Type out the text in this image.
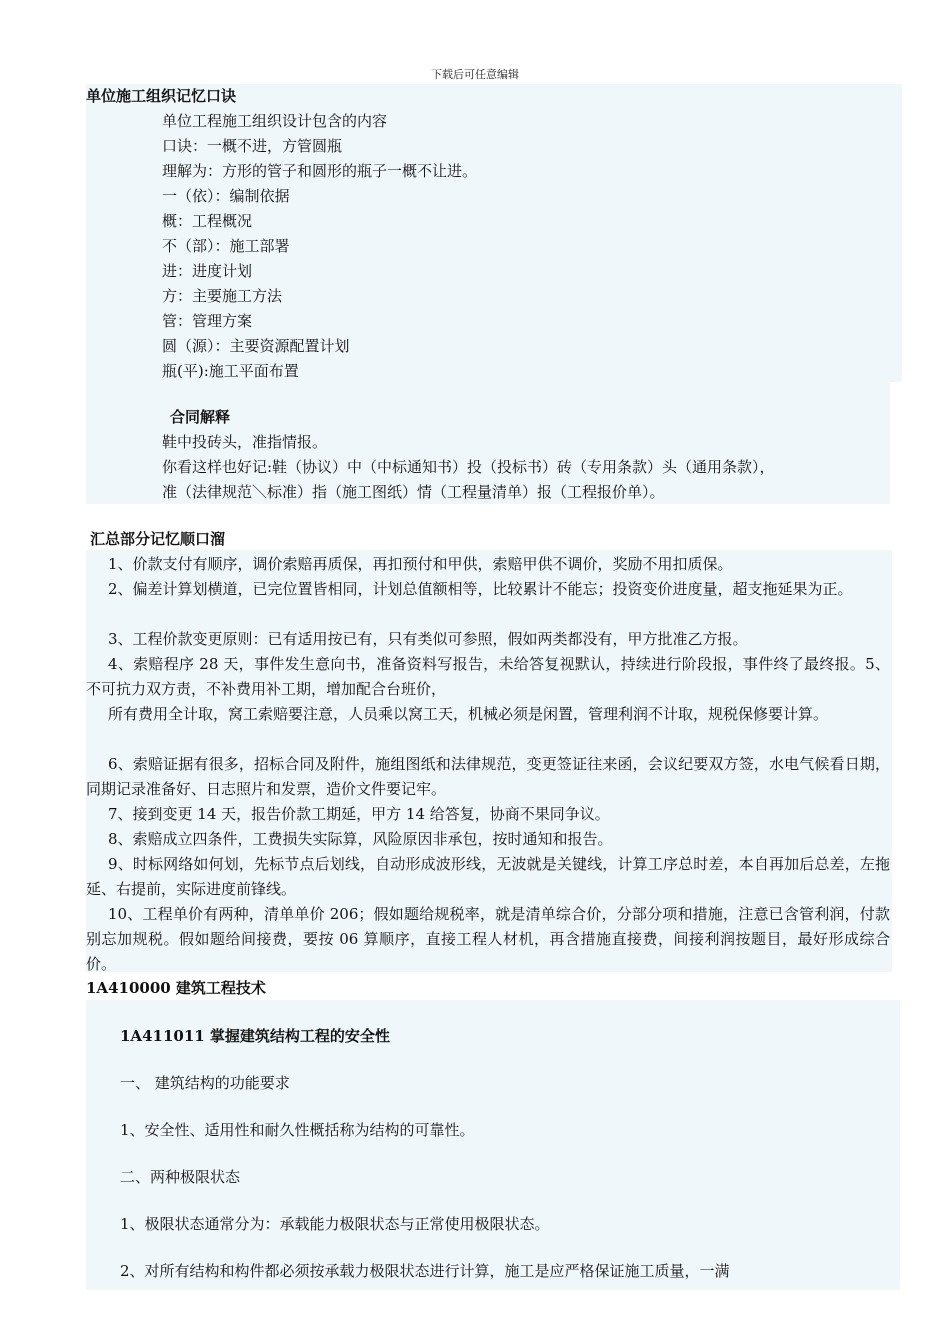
下载后可任意编辑
单位施工组织记忆口诀
单位工程施工组织设计包含的内容
口诀：一概不进，方管圆瓶
理解为：方形的管子和圆形的瓶子一概不让进。
一（依）：编制依据
概：工程概况
不（部）：施工部署
进：进度计划
方：主要施工方法
管：管理方案
圆（源）：主要资源配置计划
瓶(平):施工平面布置
合同解释
鞋中投砖头，准指情报。
你看这样也好记:鞋（协议）中（中标通知书）投（投标书）砖（专用条款）头（通用条款），
准（法律规范＼标准）指（施工图纸）情（工程量清单）报（工程报价单）。
汇总部分记忆顺口溜

1、价款支付有顺序，调价索赔再质保，再扣预付和甲供，索赔甲供不调价，奖励不用扣质保。

2、偏差计算划横道，已完位置皆相同，计划总值额相等，比较累计不能忘；投资变价进度量，超支拖延果为正。

3、工程价款变更原则：已有适用按已有，只有类似可参照，假如两类都没有，甲方批准乙方报。

4、索赔程序 28 天，事件发生意向书，准备资料写报告，未给答复视默认，持续进行阶段报，事件终了最终报。5、不可抗力双方责，不补费用补工期，增加配合台班价，

所有费用全计取，窝工索赔要注意，人员乘以窝工天，机械必须是闲置，管理利润不计取，规税保修要计算。

6、索赔证据有很多，招标合同及附件，施组图纸和法律规范，变更签证往来函，会议纪要双方签，水电气候看日期，同期记录准备好、日志照片和发票，造价文件要记牢。

7、接到变更 14 天，报告价款工期延，甲方 14 给答复，协商不果同争议。

8、索赔成立四条件，工费损失实际算，风险原因非承包，按时通知和报告。

9、时标网络如何划，先标节点后划线，自动形成波形线，无波就是关键线，计算工序总时差，本自再加后总差，左拖延、右提前，实际进度前锋线。

10、工程单价有两种，清单单价 206；假如题给规税率，就是清单综合价，分部分项和措施，注意已含管利润，付款别忘加规税。假如题给间接费，要按 06 算顺序，直接工程人材机，再含措施直接费，间接利润按题目，最好形成综合价。

1A410000 建筑工程技术
1A411011 掌握建筑结构工程的安全性
一、 建筑结构的功能要求
1、安全性、适用性和耐久性概括称为结构的可靠性。
二、两种极限状态
1、极限状态通常分为：承载能力极限状态与正常使用极限状态。
2、对所有结构和构件都必须按承载力极限状态进行计算，施工是应严格保证施工质量，一满
